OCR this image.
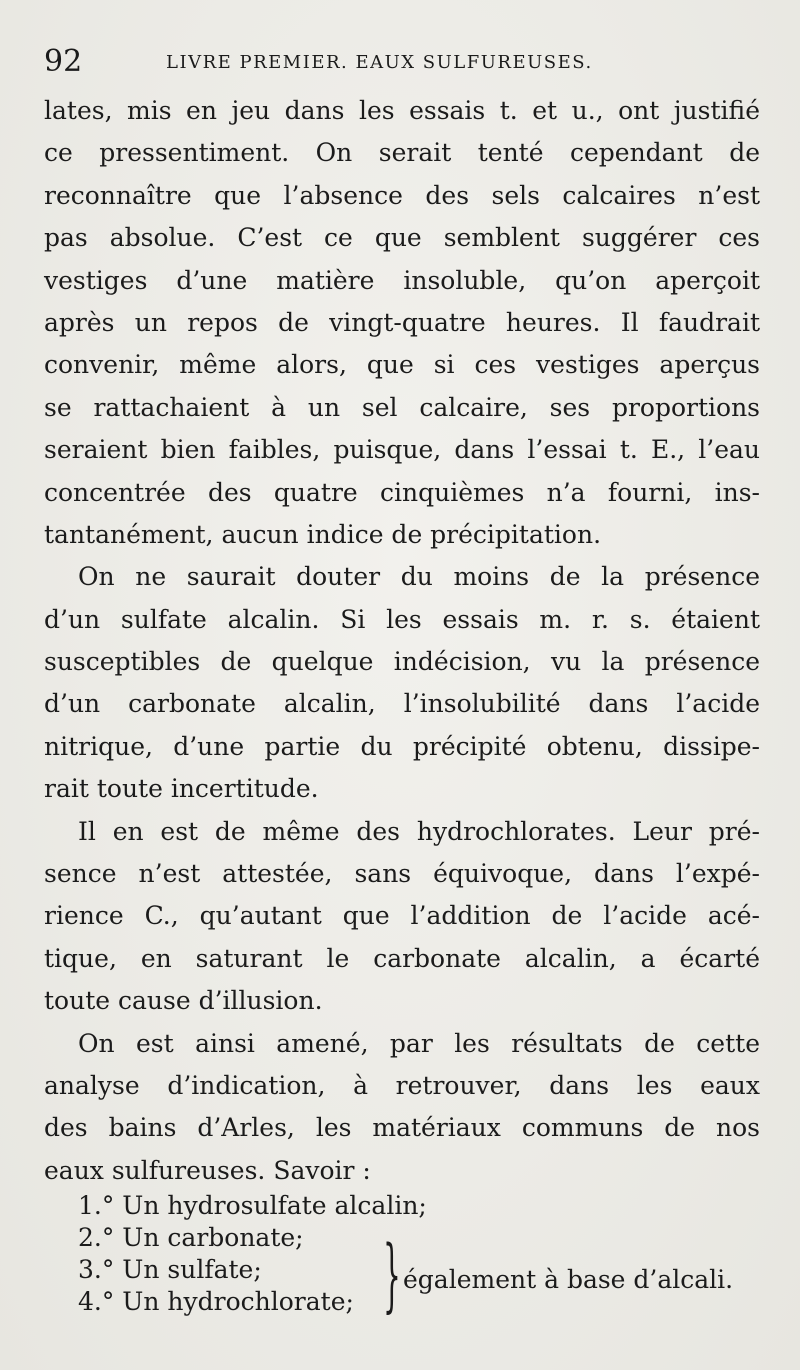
92	LIVRE PREMIER. EAUX SULFUREUSES.
lates, mis en jeu dans les essais t. et u., ont justifié
ce pressentiment. On serait tenté cependant de
reconnaître que l’absence des sels calcaires n’est
pas absolue. C’est ce que semblent suggérer ces
vestiges d’une matière insoluble, qu’on aperçoit
après un repos de vingt-quatre heures. Il faudrait
convenir, même alors, que si ces vestiges aperçus
se rattachaient à un sel calcaire, ses proportions
seraient bien faibles, puisque, dans l’essai t. E., l’eau
concentrée des quatre cinquièmes n’a fourni, ins-
tantanément, aucun indice de précipitation.
On ne saurait douter du moins de la présence
d’un sulfate alcalin. Si les essais m. r. s. étaient
susceptibles de quelque indécision, vu la présence
d’un carbonate alcalin, l’insolubilité dans l’acide
nitrique, d’une partie du précipité obtenu, dissipe-
rait toute incertitude.
Il en est de même des hydrochlorates. Leur pré-
sence n’est attestée, sans équivoque, dans l’expé-
rience C., qu’autant que l’addition de l’acide acé-
tique, en saturant le carbonate alcalin, a écarté
toute cause d’illusion.
On est ainsi amené, par les résultats de cette
analyse d’indication, à retrouver, dans les eaux
des bains d’Arles, les matériaux communs de nos
eaux sulfureuses. Savoir :
1.° Un hydrosulfate alcalin;
2.° Un carbonate;
3.° Un sulfate;
4.° Un hydrochlorate; } également à base d’alcali.
